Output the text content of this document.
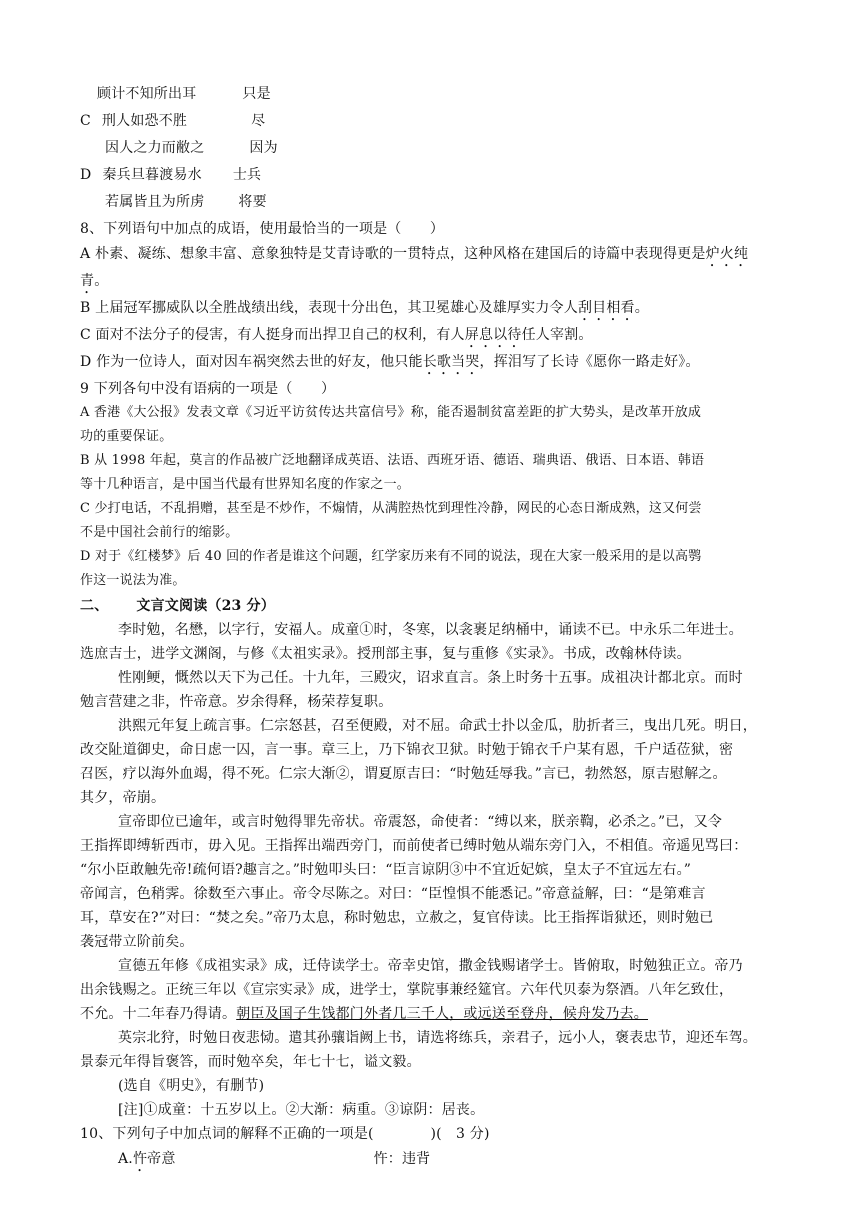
顾计不知所出耳	只是
C 刑人如恐不胜	尽
因人之力而敝之	因为
D 秦兵旦暮渡易水 士兵
若属皆且为所虏 将要
8、下列语句中加点的成语，使用最恰当的一项是（　　）
A 朴素、凝练、想象丰富、意象独特是艾青诗歌的一贯特点，这种风格在建国后的诗篇中表现得更是炉火纯
青。
B 上届冠军挪威队以全胜战绩出线，表现十分出色，其卫冕雄心及雄厚实力令人刮目相看。
C 面对不法分子的侵害，有人挺身而出捍卫自己的权利，有人屏息以待任人宰割。
D 作为一位诗人，面对因车祸突然去世的好友，他只能长歌当哭，挥泪写了长诗《愿你一路走好》。
9 下列各句中没有语病的一项是（　　）
A 香港《大公报》发表文章《习近平访贫传达共富信号》称，能否遏制贫富差距的扩大势头，是改革开放成
功的重要保证。
B 从 1998 年起，莫言的作品被广泛地翻译成英语、法语、西班牙语、德语、瑞典语、俄语、日本语、韩语
等十几种语言，是中国当代最有世界知名度的作家之一。
C 少打电话，不乱捐赠，甚至是不炒作，不煽情，从满腔热忱到理性冷静，网民的心态日渐成熟，这又何尝
不是中国社会前行的缩影。
D 对于《红楼梦》后 40 回的作者是谁这个问题，红学家历来有不同的说法，现在大家一般采用的是以高鹗
作这一说法为准。
二、 文言文阅读（23 分）
李时勉，名懋，以字行，安福人。成童①时，冬寒，以衾裹足纳桶中，诵读不已。中永乐二年进士。
选庶吉士，进学文渊阁，与修《太祖实录》。授刑部主事，复与重修《实录》。书成，改翰林侍读。
性刚鲠，慨然以天下为己任。十九年，三殿灾，诏求直言。条上时务十五事。成祖决计都北京。而时
勉言营建之非，忤帝意。岁余得释，杨荣荐复职。
洪熙元年复上疏言事。仁宗怒甚，召至便殿，对不屈。命武士扑以金瓜，肋折者三，曳出几死。明日，
改交阯道御史，命日虑一囚，言一事。章三上，乃下锦衣卫狱。时勉于锦衣千户某有恩，千户适莅狱，密
召医，疗以海外血竭，得不死。仁宗大渐②，谓夏原吉曰：“时勉廷辱我。”言已，勃然怒，原吉慰解之。
其夕，帝崩。
宣帝即位已逾年，或言时勉得罪先帝状。帝震怒，命使者：“缚以来，朕亲鞫，必杀之。”已，又令
王指挥即缚斩西市，毋入见。王指挥出端西旁门，而前使者已缚时勉从端东旁门入，不相值。帝遥见骂曰：
“尔小臣敢触先帝!疏何语?趣言之。”时勉叩头曰：“臣言谅阴③中不宜近妃嫔，皇太子不宜远左右。”
帝闻言，色稍霁。徐数至六事止。帝令尽陈之。对曰：“臣惶惧不能悉记。”帝意益解，曰：“是第难言
耳，草安在?”对曰：“焚之矣。”帝乃太息，称时勉忠，立赦之，复官侍读。比王指挥诣狱还，则时勉已
袭冠带立阶前矣。
宣德五年修《成祖实录》成，迁侍读学士。帝幸史馆，撒金钱赐诸学士。皆俯取，时勉独正立。帝乃
出余钱赐之。正统三年以《宣宗实录》成，进学士，掌院事兼经筵官。六年代贝泰为祭酒。八年乞致仕，
不允。十二年春乃得请。朝臣及国子生饯都门外者几三千人，或远送至登舟，候舟发乃去。
英宗北狩，时勉日夜悲恸。遣其孙骧诣阙上书，请选将练兵，亲君子，远小人，褒表忠节，迎还车驾。
景泰元年得旨褒答，而时勉卒矣，年七十七，谥文毅。
(选自《明史》，有删节)
[注]①成童：十五岁以上。②大渐：病重。③谅阴：居丧。
10、下列句子中加点词的解释不正确的一项是(　　　　)(　3 分)
A.忤帝意	忤：违背
